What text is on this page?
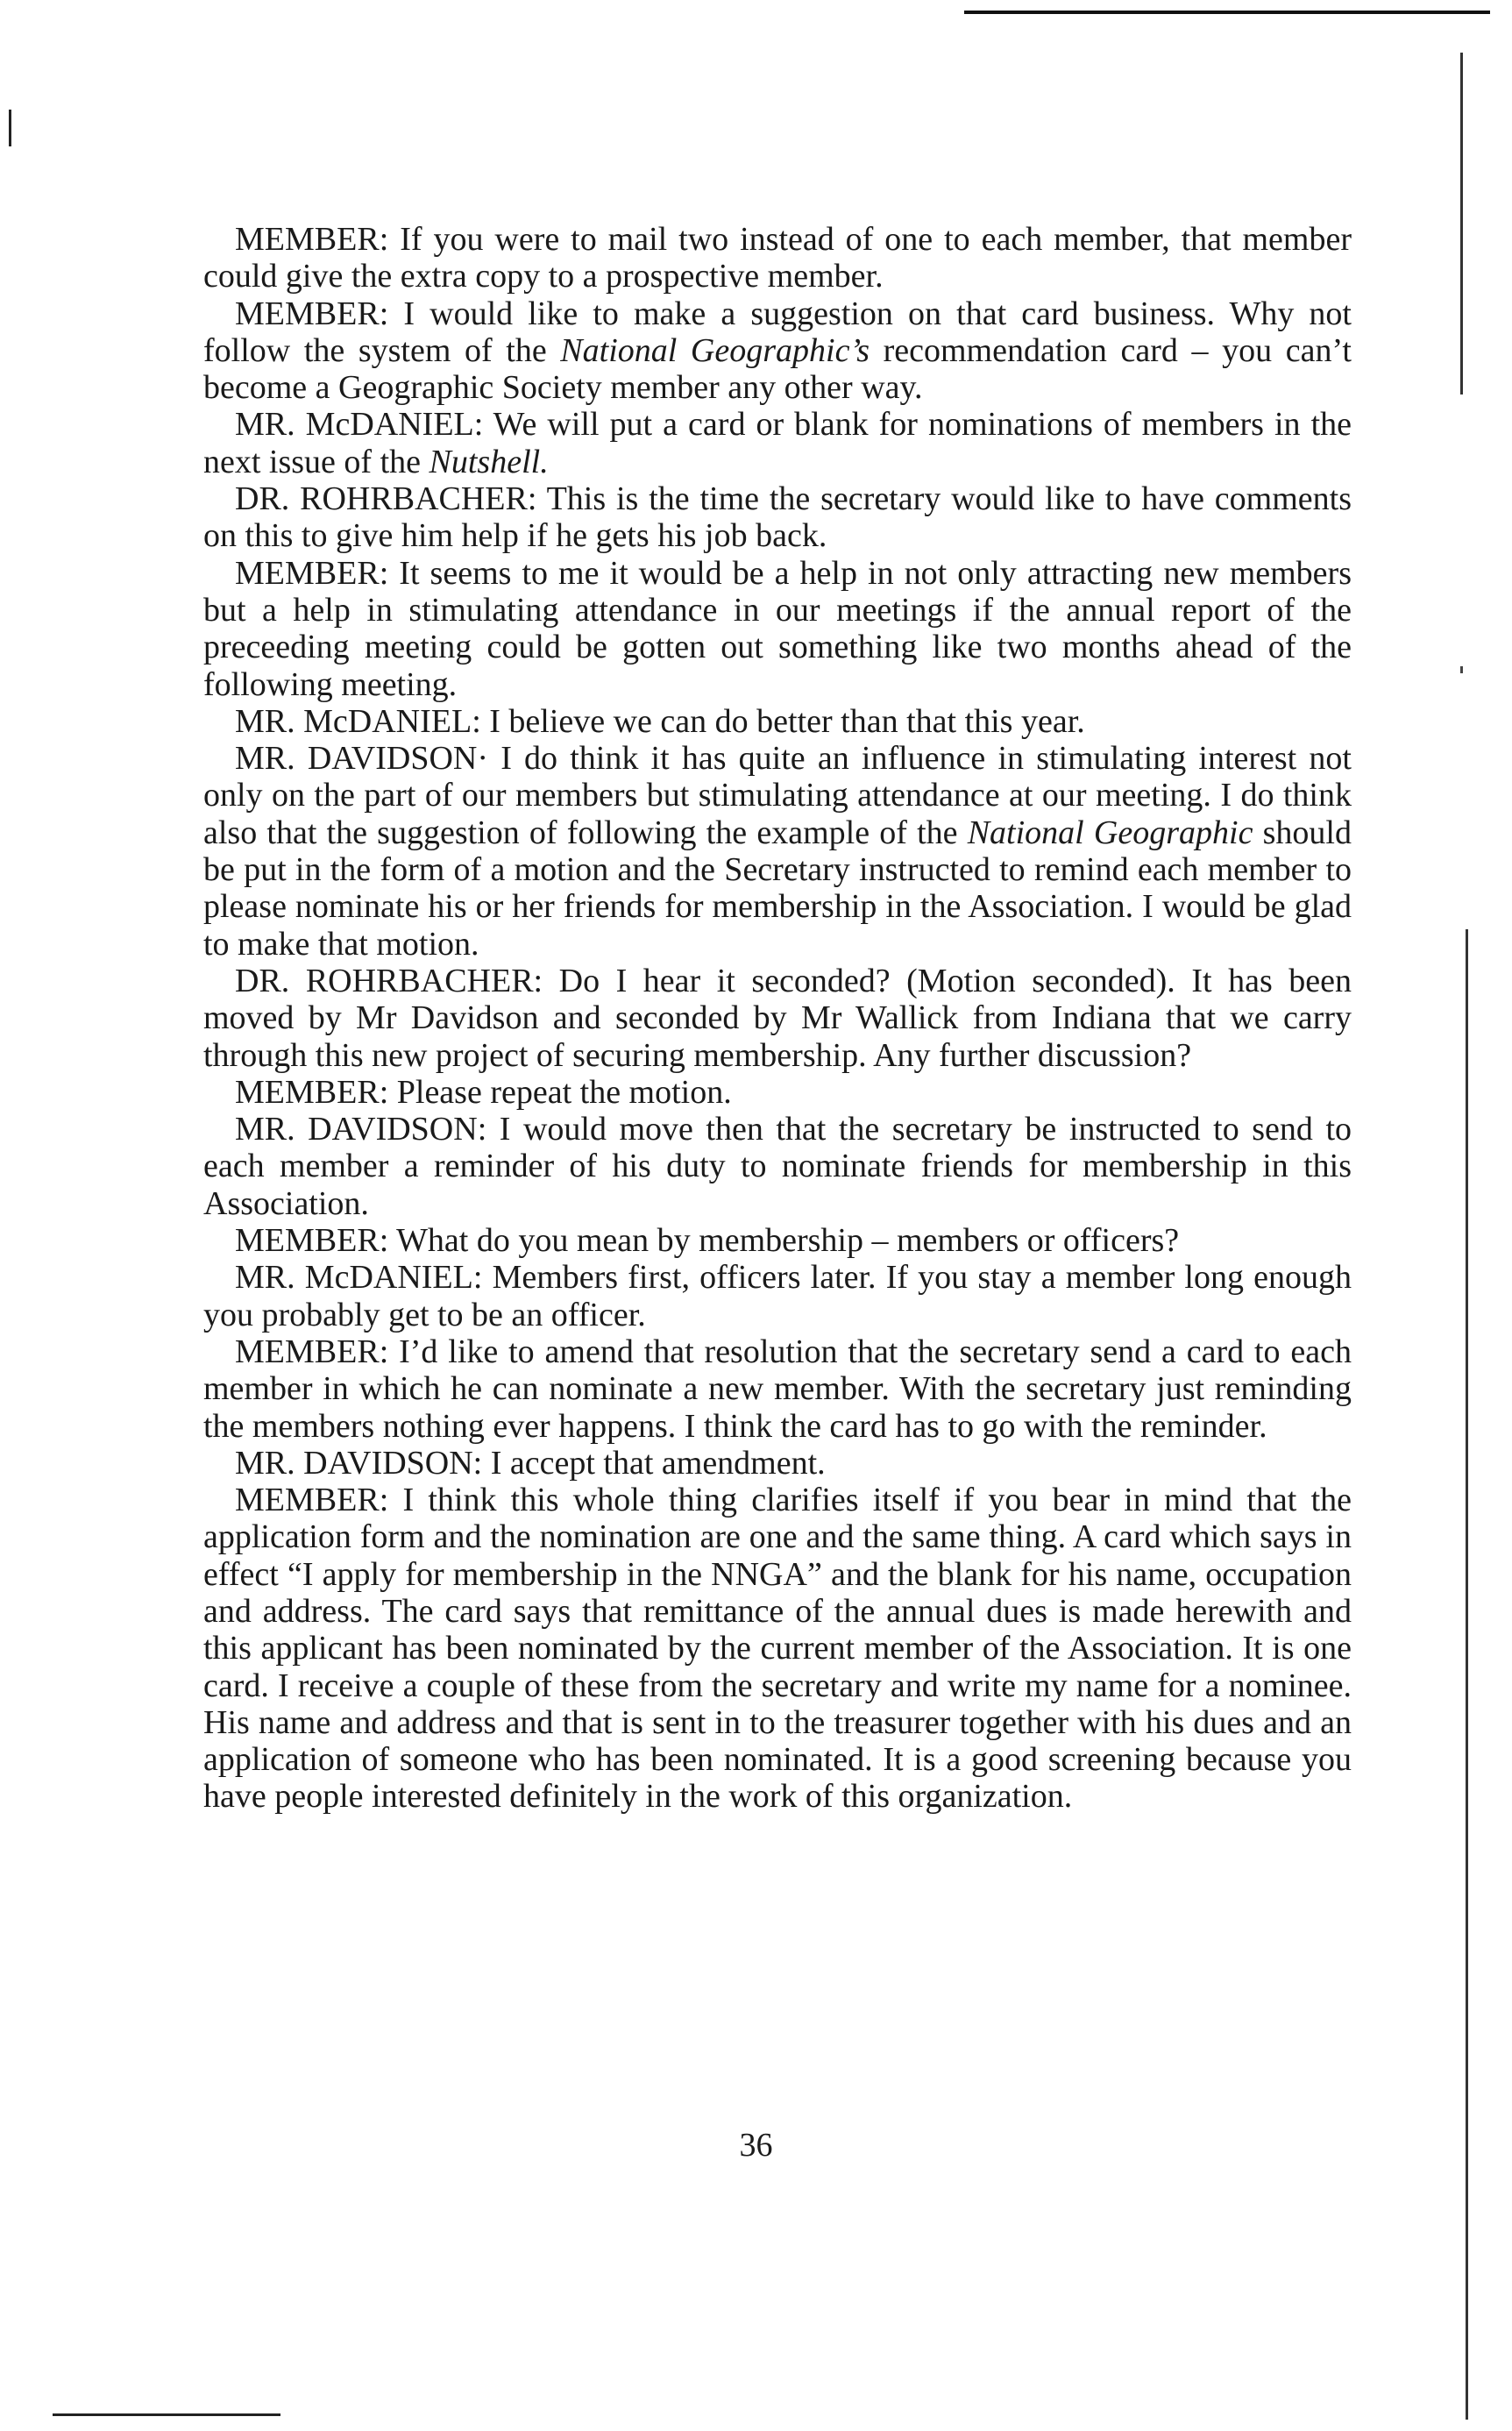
MEMBER: If you were to mail two instead of one to each member, that member could give the extra copy to a prospective member.

MEMBER: I would like to make a suggestion on that card business. Why not follow the system of the National Geographic’s recommendation card – you can’t become a Geographic Society member any other way.

MR. McDANIEL: We will put a card or blank for nominations of members in the next issue of the Nutshell.

DR. ROHRBACHER: This is the time the secretary would like to have comments on this to give him help if he gets his job back.

MEMBER: It seems to me it would be a help in not only attracting new members but a help in stimulating attendance in our meetings if the annual report of the preceeding meeting could be gotten out something like two months ahead of the following meeting.

MR. McDANIEL: I believe we can do better than that this year.

MR. DAVIDSON· I do think it has quite an influence in stimulating interest not only on the part of our members but stimulating attendance at our meeting. I do think also that the suggestion of following the example of the National Geographic should be put in the form of a motion and the Secretary instructed to remind each member to please nominate his or her friends for membership in the Association. I would be glad to make that motion.

DR. ROHRBACHER: Do I hear it seconded? (Motion seconded). It has been moved by Mr Davidson and seconded by Mr Wallick from Indiana that we carry through this new project of securing membership. Any further discussion?

MEMBER: Please repeat the motion.

MR. DAVIDSON: I would move then that the secretary be instructed to send to each member a reminder of his duty to nominate friends for membership in this Association.

MEMBER: What do you mean by membership – members or officers?

MR. McDANIEL: Members first, officers later. If you stay a member long enough you probably get to be an officer.

MEMBER: I’d like to amend that resolution that the secretary send a card to each member in which he can nominate a new member. With the secretary just reminding the members nothing ever happens. I think the card has to go with the reminder.

MR. DAVIDSON: I accept that amendment.

MEMBER: I think this whole thing clarifies itself if you bear in mind that the application form and the nomination are one and the same thing. A card which says in effect “I apply for membership in the NNGA” and the blank for his name, occupation and address. The card says that remittance of the annual dues is made herewith and this applicant has been nominated by the current member of the Association. It is one card. I receive a couple of these from the secretary and write my name for a nominee. His name and address and that is sent in to the treasurer together with his dues and an application of someone who has been nominated. It is a good screening because you have people interested definitely in the work of this organization.

36
